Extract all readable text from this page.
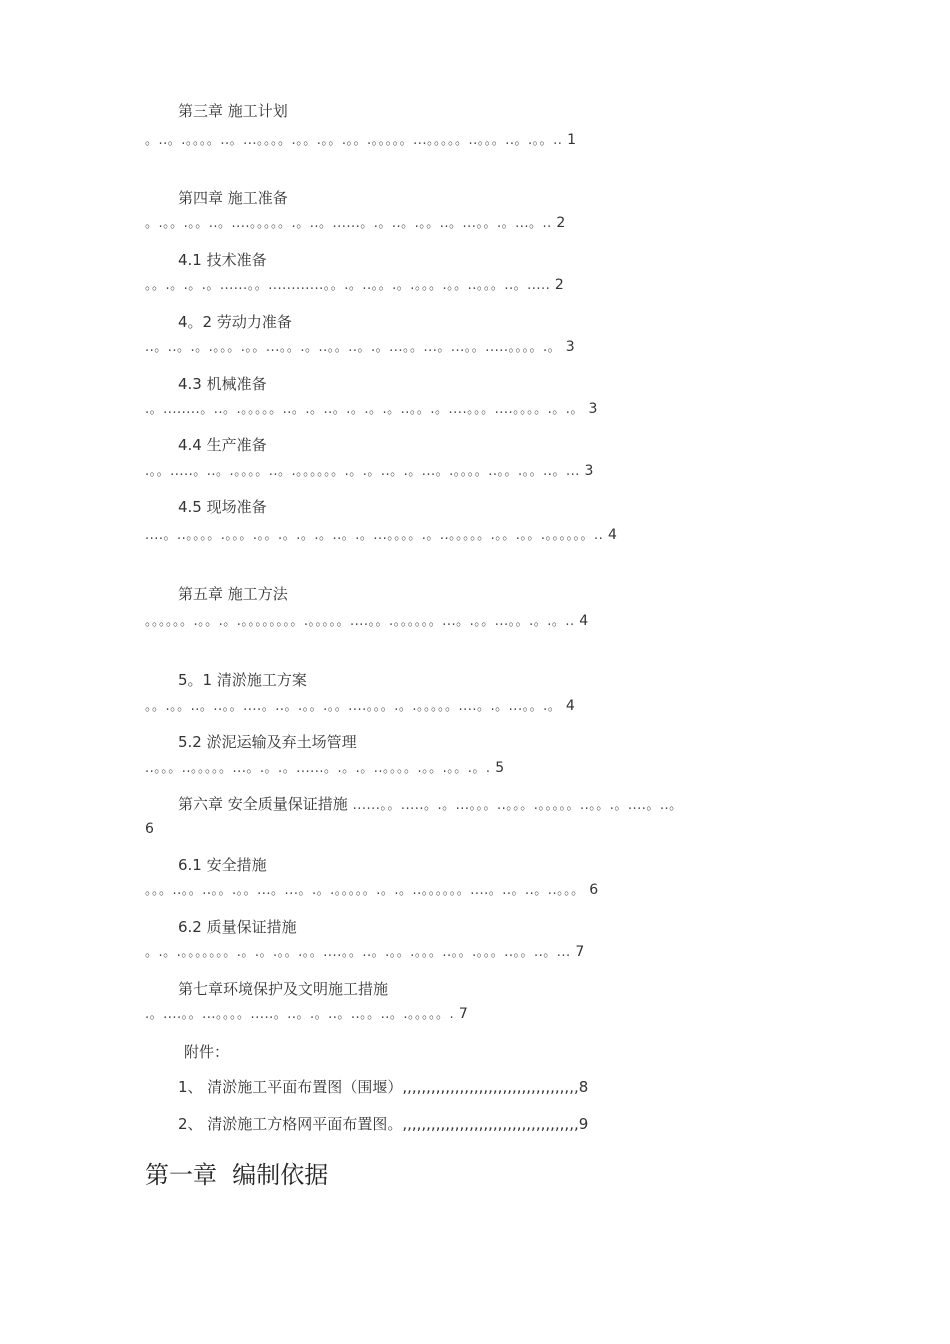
第三章 施工计划
。..。.。。。。..。...。。。。.。。.。。.。。.。。。。。...。。。。。..。。。..。.。。.. 1
第四章 施工准备
。.。。.。。..。....。。。。。.。..。......。.。..。.。。..。...。。.。...。.. 2
4.1 技术准备
。。.。.。.。......。。............。。.。..。。.。.。。。.。。..。。。..。..... 2
4。2 劳动力准备
..。..。.。.。。。.。。...。。.。..。。..。.。...。。...。...。。.....。。。。.。 3
4.3 机械准备
.。........。..。.。。。。。..。.。..。.。.。.。..。。.。....。。。....。。。。.。.。 3
4.4 生产准备
.。。.....。..。.。。。。..。.。。。。。。.。.。..。.。...。.。。。。..。。.。。..。... 3
4.5 现场准备
....。..。。。。.。。。.。。.。.。.。..。.。...。。。。.。..。。。。。.。。.。。.。。。。。。.. 4
第五章 施工方法
。。。。。。.。。.。.。。。。。。。。.。。。。。....。。.。。。。。。...。.。。...。。.。.。.. 4
5。1 清淤施工方案
。。.。。..。..。。....。..。.。。.。。....。。。.。.。。。。。....。.。...。。.。 4
5.2 淤泥运输及弃土场管理
..。。。..。。。。。...。.。.。......。.。.。..。。。。.。。.。。.。. 5
第六章 安全质量保证措施 ......。。.....。.。...。。。..。。。.。。。。。..。。.。....。..。
6
6.1 安全措施
。。。..。。..。。.。。...。...。.。.。。。。。.。.。..。。。。。。....。..。..。..。。。 6
6.2 质量保证措施
。.。.。。。。。。。.。.。.。。.。。....。。..。.。。.。。。..。。.。。。..。。..。... 7
第七章环境保护及文明施工措施
.。....。。...。。。。.....。..。.。..。..。。..。.。。。。。. 7
附件：
1、 清淤施工平面布置图（围堰）,,,,,,,,,,,,,,,,,,,,,,,,,,,,,,,,,,,,,8
2、 清淤施工方格网平面布置图。,,,,,,,,,,,,,,,,,,,,,,,,,,,,,,,,,,,,,9
第一章  编制依据
